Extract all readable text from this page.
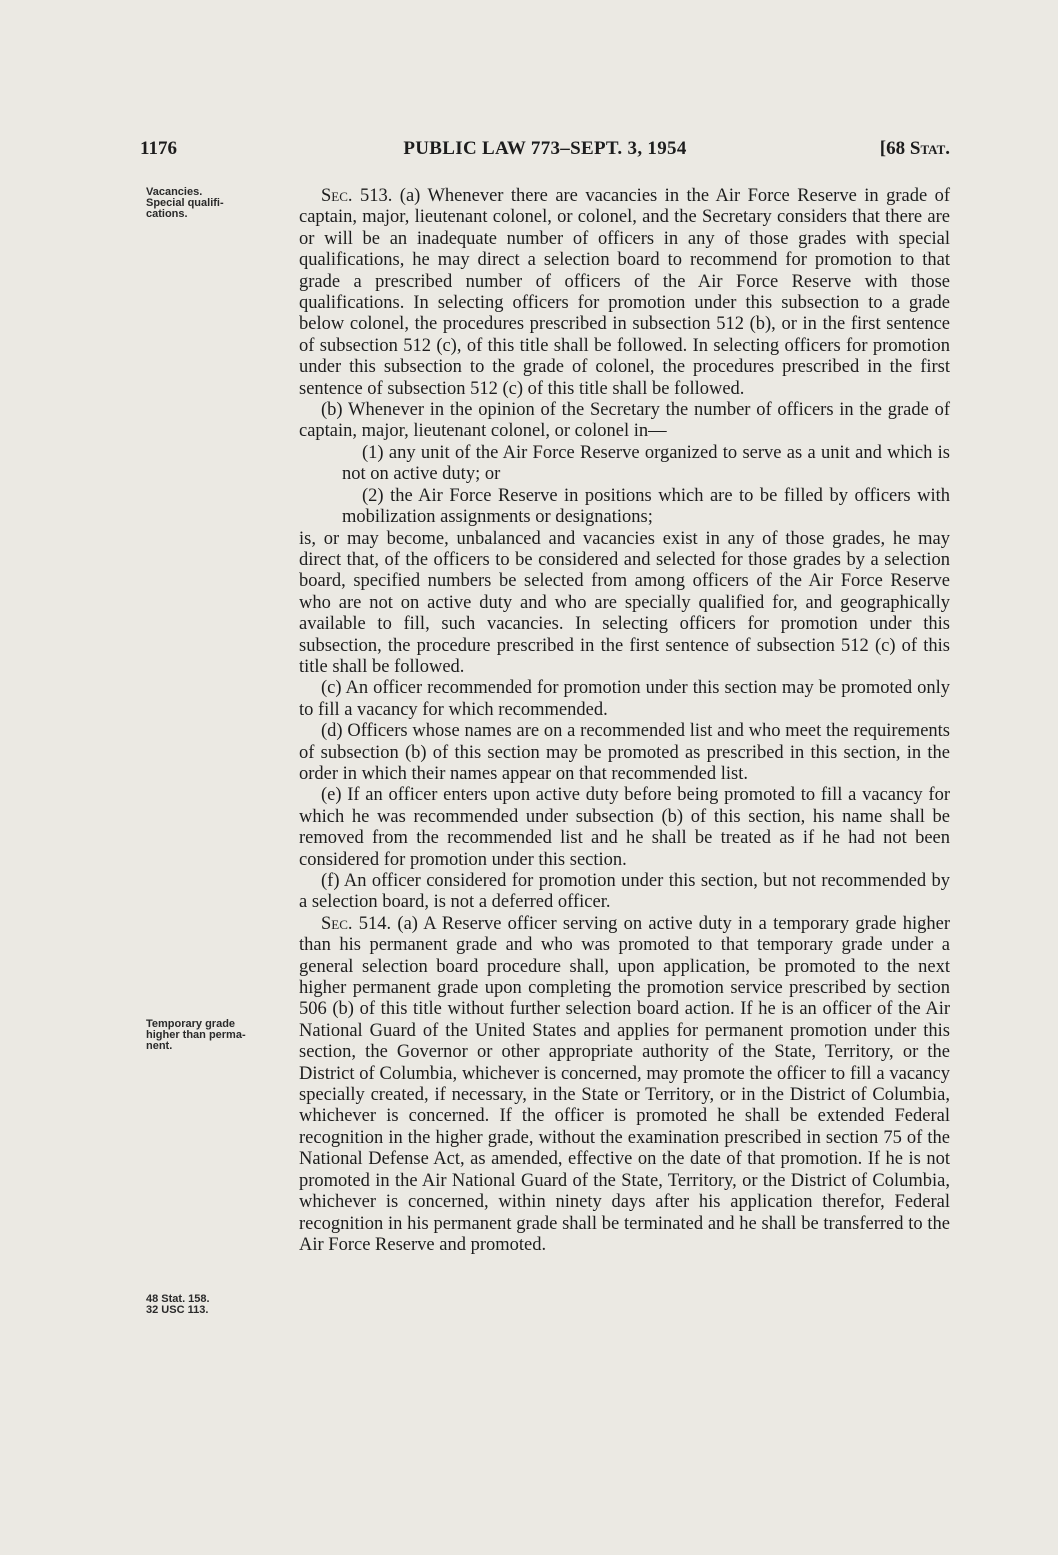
1176	PUBLIC LAW 773–SEPT. 3, 1954	[68 Stat.
Vacancies.
Special qualifi-
cations.
Temporary grade
higher than perma-
nent.
48 Stat. 158.
32 USC 113.

Sec. 513. (a) Whenever there are vacancies in the Air Force Reserve in grade of captain, major, lieutenant colonel, or colonel, and the Secretary considers that there are or will be an inadequate number of officers in any of those grades with special qualifications, he may direct a selection board to recommend for promotion to that grade a prescribed number of officers of the Air Force Reserve with those qualifications. In selecting officers for promotion under this subsection to a grade below colonel, the procedures prescribed in subsection 512 (b), or in the first sentence of subsection 512 (c), of this title shall be followed. In selecting officers for promotion under this subsection to the grade of colonel, the procedures prescribed in the first sentence of subsection 512 (c) of this title shall be followed.

(b) Whenever in the opinion of the Secretary the number of officers in the grade of captain, major, lieutenant colonel, or colonel in—

(1) any unit of the Air Force Reserve organized to serve as a unit and which is not on active duty; or

(2) the Air Force Reserve in positions which are to be filled by officers with mobilization assignments or designations;

is, or may become, unbalanced and vacancies exist in any of those grades, he may direct that, of the officers to be considered and selected for those grades by a selection board, specified numbers be selected from among officers of the Air Force Reserve who are not on active duty and who are specially qualified for, and geographically available to fill, such vacancies. In selecting officers for promotion under this subsection, the procedure prescribed in the first sentence of subsection 512 (c) of this title shall be followed.

(c) An officer recommended for promotion under this section may be promoted only to fill a vacancy for which recommended.

(d) Officers whose names are on a recommended list and who meet the requirements of subsection (b) of this section may be promoted as prescribed in this section, in the order in which their names appear on that recommended list.

(e) If an officer enters upon active duty before being promoted to fill a vacancy for which he was recommended under subsection (b) of this section, his name shall be removed from the recommended list and he shall be treated as if he had not been considered for promotion under this section.

(f) An officer considered for promotion under this section, but not recommended by a selection board, is not a deferred officer.

Sec. 514. (a) A Reserve officer serving on active duty in a temporary grade higher than his permanent grade and who was promoted to that temporary grade under a general selection board procedure shall, upon application, be promoted to the next higher permanent grade upon completing the promotion service prescribed by section 506 (b) of this title without further selection board action. If he is an officer of the Air National Guard of the United States and applies for permanent promotion under this section, the Governor or other appropriate authority of the State, Territory, or the District of Columbia, whichever is concerned, may promote the officer to fill a vacancy specially created, if necessary, in the State or Territory, or in the District of Columbia, whichever is concerned. If the officer is promoted he shall be extended Federal recognition in the higher grade, without the examination prescribed in section 75 of the National Defense Act, as amended, effective on the date of that promotion. If he is not promoted in the Air National Guard of the State, Territory, or the District of Columbia, whichever is concerned, within ninety days after his application therefor, Federal recognition in his permanent grade shall be terminated and he shall be transferred to the Air Force Reserve and promoted.
